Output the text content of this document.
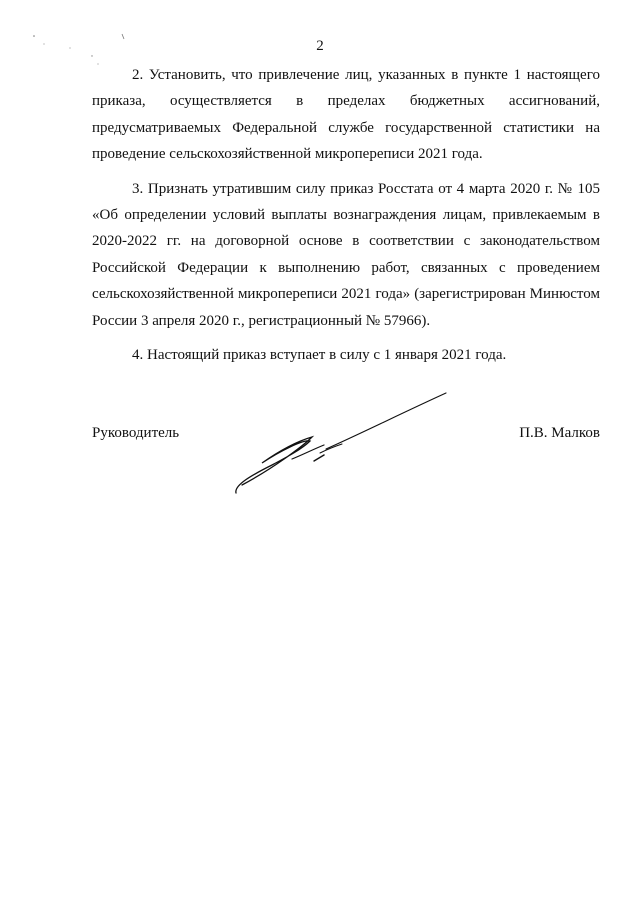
2

2. Установить, что привлечение лиц, указанных в пункте 1 настоящего приказа, осуществляется в пределах бюджетных ассигнований, предусматриваемых Федеральной службе государственной статистики на проведение сельскохозяйственной микропереписи 2021 года.

3. Признать утратившим силу приказ Росстата от 4 марта 2020 г. № 105 «Об определении условий выплаты вознаграждения лицам, привлекаемым в 2020-2022 гг. на договорной основе в соответствии с законодательством Российской Федерации к выполнению работ, связанных с проведением сельскохозяйственной микропереписи 2021 года» (зарегистрирован Минюстом России 3 апреля 2020 г., регистрационный № 57966).

4. Настоящий приказ вступает в силу с 1 января 2021 года.

Руководитель	П.В. Малков
